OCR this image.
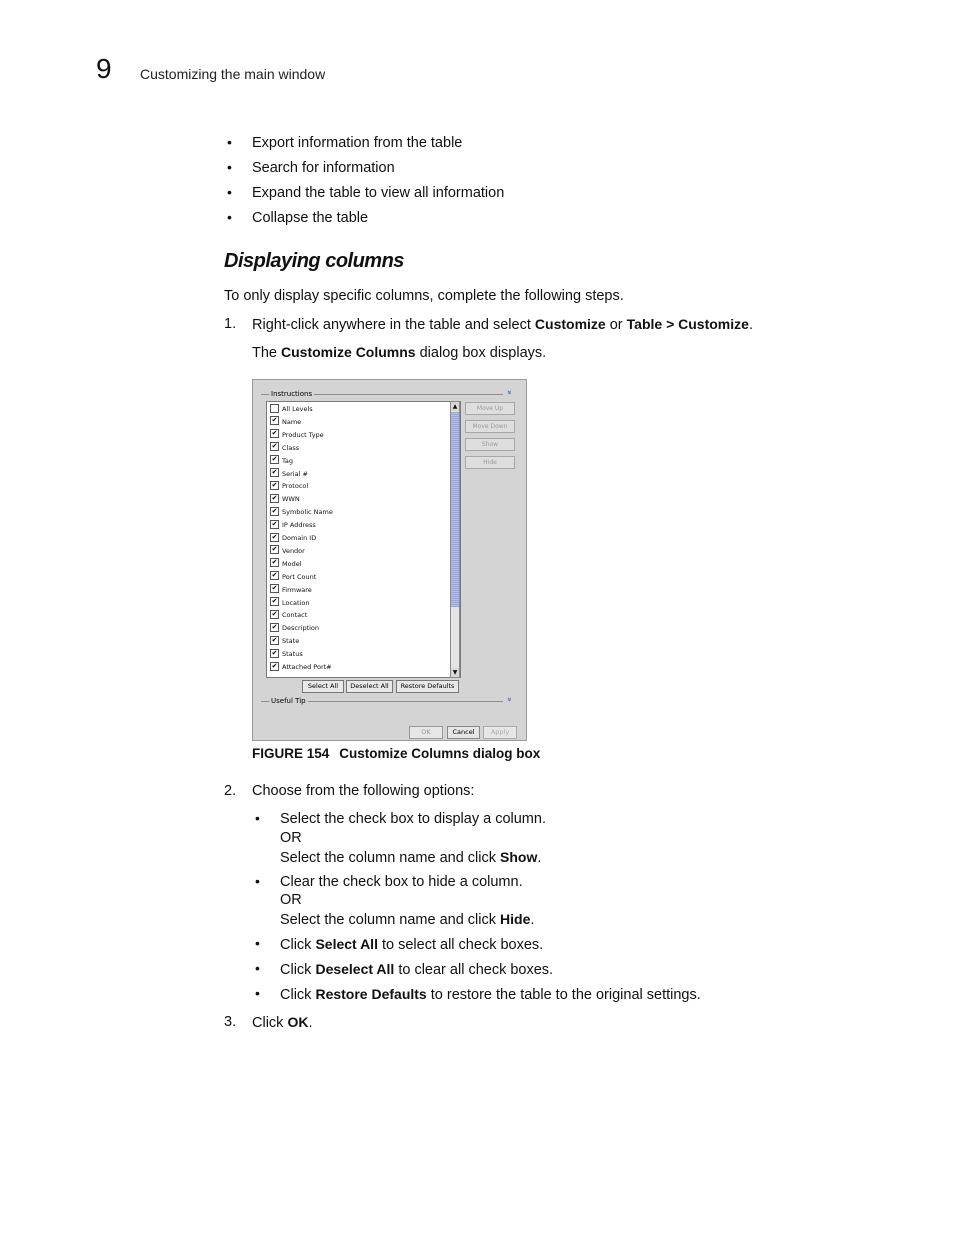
9 Customizing the main window
• Export information from the table
• Search for information
• Expand the table to view all information
• Collapse the table
Displaying columns
To only display specific columns, complete the following steps.
1. Right-click anywhere in the table and select Customize or Table > Customize.
The Customize Columns dialog box displays.
Instructions	»
All Levels
✔ Name
✔ Product Type
✔ Class
✔ Tag
✔ Serial #
✔ Protocol
✔ WWN
✔ Symbolic Name
✔ IP Address
✔ Domain ID
✔ Vendor
✔ Model
✔ Port Count
✔ Firmware
✔ Location
✔ Contact
✔ Description
✔ State
✔ Status
✔ Attached Port#
▲
▼
Move Up
Move Down
Show
Hide
Select All	Deselect All	Restore Defaults
Useful Tip	»
OK	Cancel	Apply
FIGURE 154 Customize Columns dialog box
2. Choose from the following options:
• Select the check box to display a column.
OR
Select the column name and click Show.
• Clear the check box to hide a column.
OR
Select the column name and click Hide.
• Click Select All to select all check boxes.
• Click Deselect All to clear all check boxes.
• Click Restore Defaults to restore the table to the original settings.
3. Click OK.
